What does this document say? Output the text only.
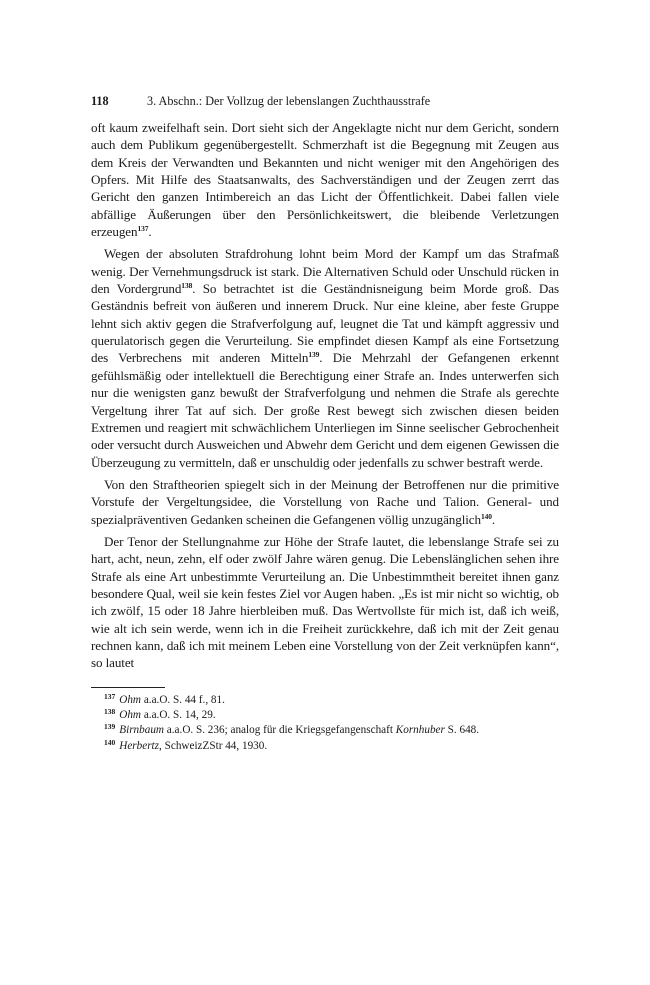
118	3. Abschn.: Der Vollzug der lebenslangen Zuchthausstrafe

oft kaum zweifelhaft sein. Dort sieht sich der Angeklagte nicht nur dem Gericht, sondern auch dem Publikum gegenübergestellt. Schmerzhaft ist die Begegnung mit Zeugen aus dem Kreis der Verwandten und Bekannten und nicht weniger mit den Angehörigen des Opfers. Mit Hilfe des Staatsanwalts, des Sachverständigen und der Zeugen zerrt das Gericht den ganzen Intimbereich an das Licht der Öffentlichkeit. Dabei fallen viele abfällige Äußerungen über den Persönlichkeitswert, die bleibende Verletzungen erzeugen$^{137}$.

Wegen der absoluten Strafdrohung lohnt beim Mord der Kampf um das Strafmaß wenig. Der Vernehmungsdruck ist stark. Die Alternativen Schuld oder Unschuld rücken in den Vordergrund$^{138}$. So betrachtet ist die Geständnisneigung beim Morde groß. Das Geständnis befreit von äußeren und innerem Druck. Nur eine kleine, aber feste Gruppe lehnt sich aktiv gegen die Strafverfolgung auf, leugnet die Tat und kämpft aggressiv und querulatorisch gegen die Verurteilung. Sie empfindet diesen Kampf als eine Fortsetzung des Verbrechens mit anderen Mitteln$^{139}$. Die Mehrzahl der Gefangenen erkennt gefühlsmäßig oder intellektuell die Berechtigung einer Strafe an. Indes unterwerfen sich nur die wenigsten ganz bewußt der Strafverfolgung und nehmen die Strafe als gerechte Vergeltung ihrer Tat auf sich. Der große Rest bewegt sich zwischen diesen beiden Extremen und reagiert mit schwächlichem Unterliegen im Sinne seelischer Gebrochenheit oder versucht durch Ausweichen und Abwehr dem Gericht und dem eigenen Gewissen die Überzeugung zu vermitteln, daß er unschuldig oder jedenfalls zu schwer bestraft werde.

Von den Straftheorien spiegelt sich in der Meinung der Betroffenen nur die primitive Vorstufe der Vergeltungsidee, die Vorstellung von Rache und Talion. General- und spezialpräventiven Gedanken scheinen die Gefangenen völlig unzugänglich$^{140}$.

Der Tenor der Stellungnahme zur Höhe der Strafe lautet, die lebenslange Strafe sei zu hart, acht, neun, zehn, elf oder zwölf Jahre wären genug. Die Lebenslänglichen sehen ihre Strafe als eine Art unbestimmte Verurteilung an. Die Unbestimmtheit bereitet ihnen ganz besondere Qual, weil sie kein festes Ziel vor Augen haben. „Es ist mir nicht so wichtig, ob ich zwölf, 15 oder 18 Jahre hierbleiben muß. Das Wertvollste für mich ist, daß ich weiß, wie alt ich sein werde, wenn ich in die Freiheit zurückkehre, daß ich mit der Zeit genau rechnen kann, daß ich mit meinem Leben eine Vorstellung von der Zeit verknüpfen kann“, so lautet

$^{137}$ Ohm a.a.O. S. 44 f., 81.

$^{138}$ Ohm a.a.O. S. 14, 29.

$^{139}$ Birnbaum a.a.O. S. 236; analog für die Kriegsgefangenschaft Kornhuber S. 648.

$^{140}$ Herbertz, SchweizZStr 44, 1930.
